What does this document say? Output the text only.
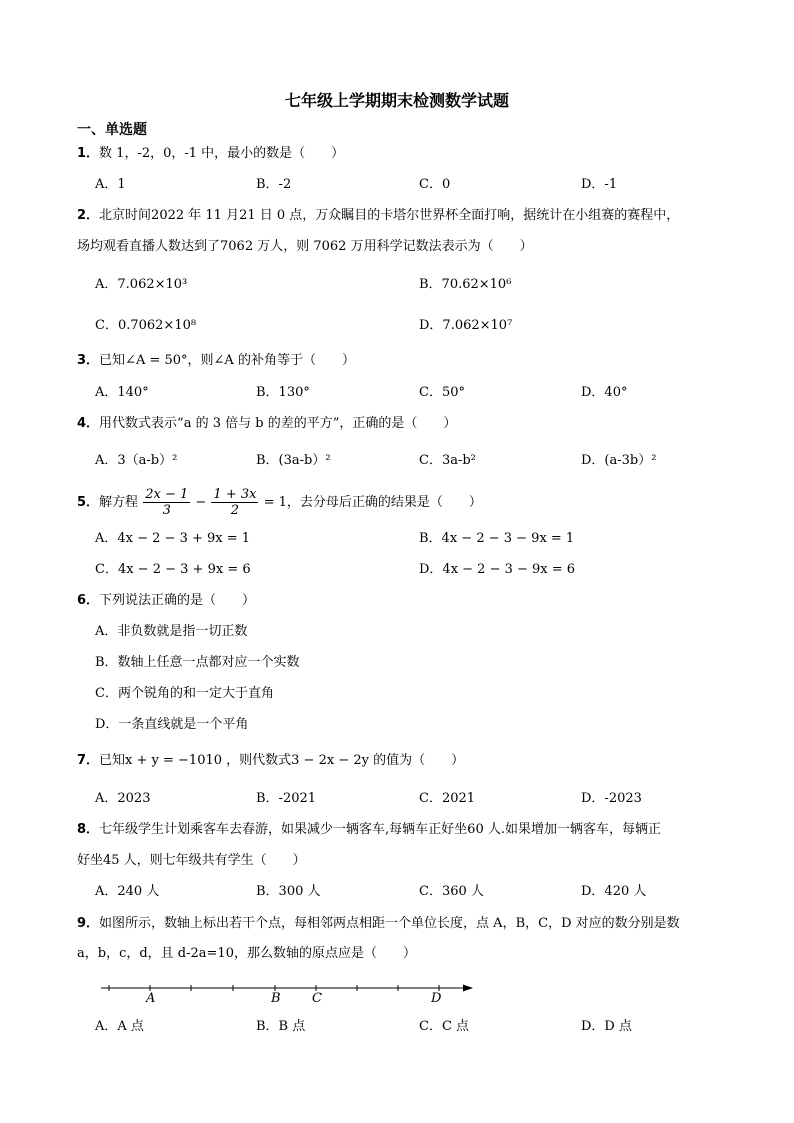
七年级上学期期末检测数学试题
一、单选题
1．数 1，-2，0，-1 中，最小的数是（　　）
A．1	B．-2	C．0	D．-1
2．北京时间2022 年 11 月21 日 0 点，万众瞩目的卡塔尔世界杯全面打响，据统计在小组赛的赛程中，
场均观看直播人数达到了7062 万人，则 7062 万用科学记数法表示为（　　）
A．7.062×10³	B．70.62×10⁶
C．0.7062×10⁸	D．7.062×10⁷
3．已知∠A = 50°，则∠A 的补角等于（　　）
A．140°	B．130°	C．50°	D．40°
4．用代数式表示“a 的 3 倍与 b 的差的平方”，正确的是（　　）
A．3（a-b）²	B．(3a-b）²	C．3a-b²	D．(a-3b）²
5．解方程 $\frac{2x - 1}{3} - \frac{1 + 3x}{2} = 1$，去分母后正确的结果是（　　）
A．4x − 2 − 3 + 9x = 1	B．4x − 2 − 3 − 9x = 1
C．4x − 2 − 3 + 9x = 6	D．4x − 2 − 3 − 9x = 6
6．下列说法正确的是（　　）
A．非负数就是指一切正数
B．数轴上任意一点都对应一个实数
C．两个锐角的和一定大于直角
D．一条直线就是一个平角
7．已知x + y = −1010 ，则代数式3 − 2x − 2y 的值为（　　）
A．2023	B．-2021	C．2021	D．-2023
8．七年级学生计划乘客车去春游，如果减少一辆客车,每辆车正好坐60 人.如果增加一辆客车，每辆正
好坐45 人，则七年级共有学生（　　）
A．240 人	B．300 人	C．360 人	D．420 人
9．如图所示，数轴上标出若干个点，每相邻两点相距一个单位长度，点 A，B，C，D 对应的数分别是数
a，b，c，d，且 d-2a=10，那么数轴的原点应是（　　）
A	B C	D
A．A 点	B．B 点	C．C 点	D．D 点
